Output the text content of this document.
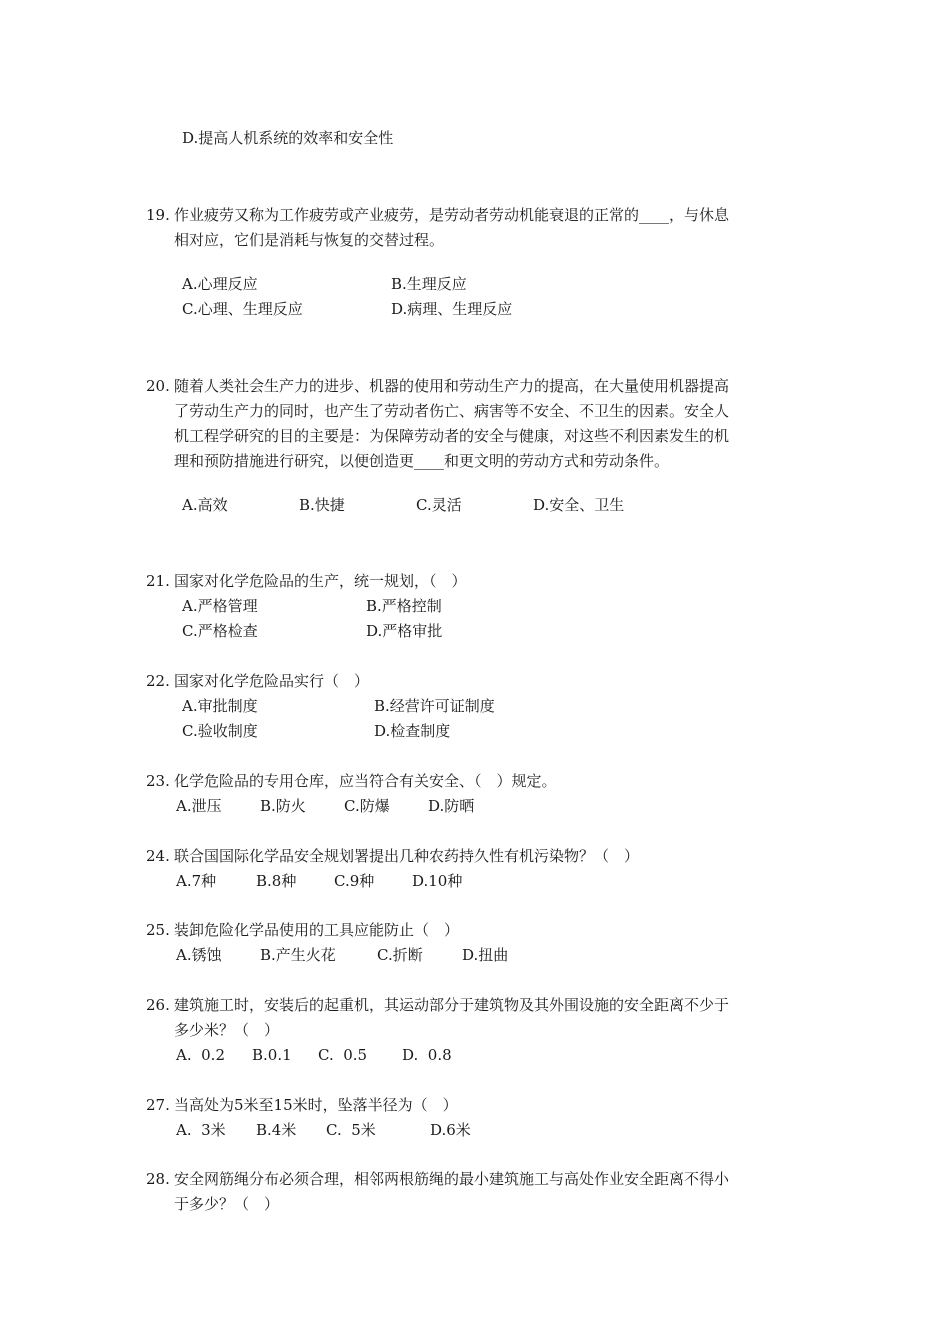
D.提高人机系统的效率和安全性
19. 作业疲劳又称为工作疲劳或产业疲劳，是劳动者劳动机能衰退的正常的____，与休息
相对应，它们是消耗与恢复的交替过程。
A.心理反应	B.生理反应
C.心理、生理反应	D.病理、生理反应
20. 随着人类社会生产力的进步、机器的使用和劳动生产力的提高，在大量使用机器提高
了劳动生产力的同时，也产生了劳动者伤亡、病害等不安全、不卫生的因素。安全人
机工程学研究的目的主要是：为保障劳动者的安全与健康，对这些不利因素发生的机
理和预防措施进行研究，以便创造更____和更文明的劳动方式和劳动条件。
A.高效	B.快捷	C.灵活	D.安全、卫生
21. 国家对化学危险品的生产，统一规划，（　）
A.严格管理	B.严格控制
C.严格检查	D.严格审批
22. 国家对化学危险品实行（　）
A.审批制度	B.经营许可证制度
C.验收制度	D.检查制度
23. 化学危险品的专用仓库，应当符合有关安全、（　）规定。
A.泄压	B.防火	C.防爆	D.防晒
24. 联合国国际化学品安全规划署提出几种农药持久性有机污染物？（　）
A.7种	B.8种	C.9种	D.10种
25. 装卸危险化学品使用的工具应能防止（　）
A.锈蚀	B.产生火花	C.折断	D.扭曲
26. 建筑施工时，安装后的起重机，其运动部分于建筑物及其外围设施的安全距离不少于
多少米？（　）
A.  0.2 B.0.1 C.  0.5 D.  0.8
27. 当高处为5米至15米时，坠落半径为（　）
A.  3米 B.4米 C.  5米	D.6米
28. 安全网筋绳分布必须合理，相邻两根筋绳的最小建筑施工与高处作业安全距离不得小
于多少？（　）
